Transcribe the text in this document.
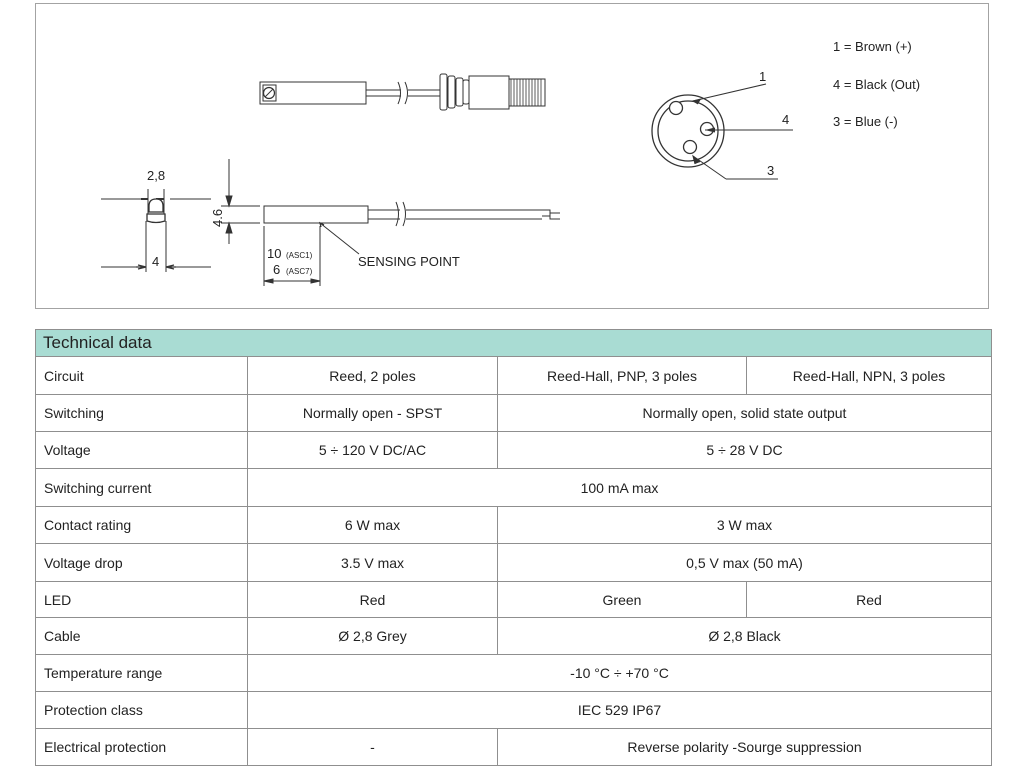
2,8
4
4.6
10 (ASC1)
6 (ASC7)
SENSING POINT
1
4
3
1 = Brown (+)
4 = Black (Out)
3 = Blue (-)
Technical data			
Circuit	Reed, 2 poles	Reed-Hall, PNP, 3 poles	Reed-Hall, NPN, 3 poles
Switching	Normally open - SPST	Normally open, solid state output	
Voltage	5 ÷ 120 V DC/AC	5 ÷ 28 V DC	
Switching current	100 mA max		
Contact rating	6 W max	3 W max	
Voltage drop	3.5 V max	0,5 V max (50 mA)	
LED	Red	Green	Red
Cable	Ø 2,8 Grey	Ø 2,8 Black	
Temperature range	-10 °C ÷ +70 °C		
Protection class	IEC 529 IP67		
Electrical protection	-	Reverse polarity -Sourge suppression	
